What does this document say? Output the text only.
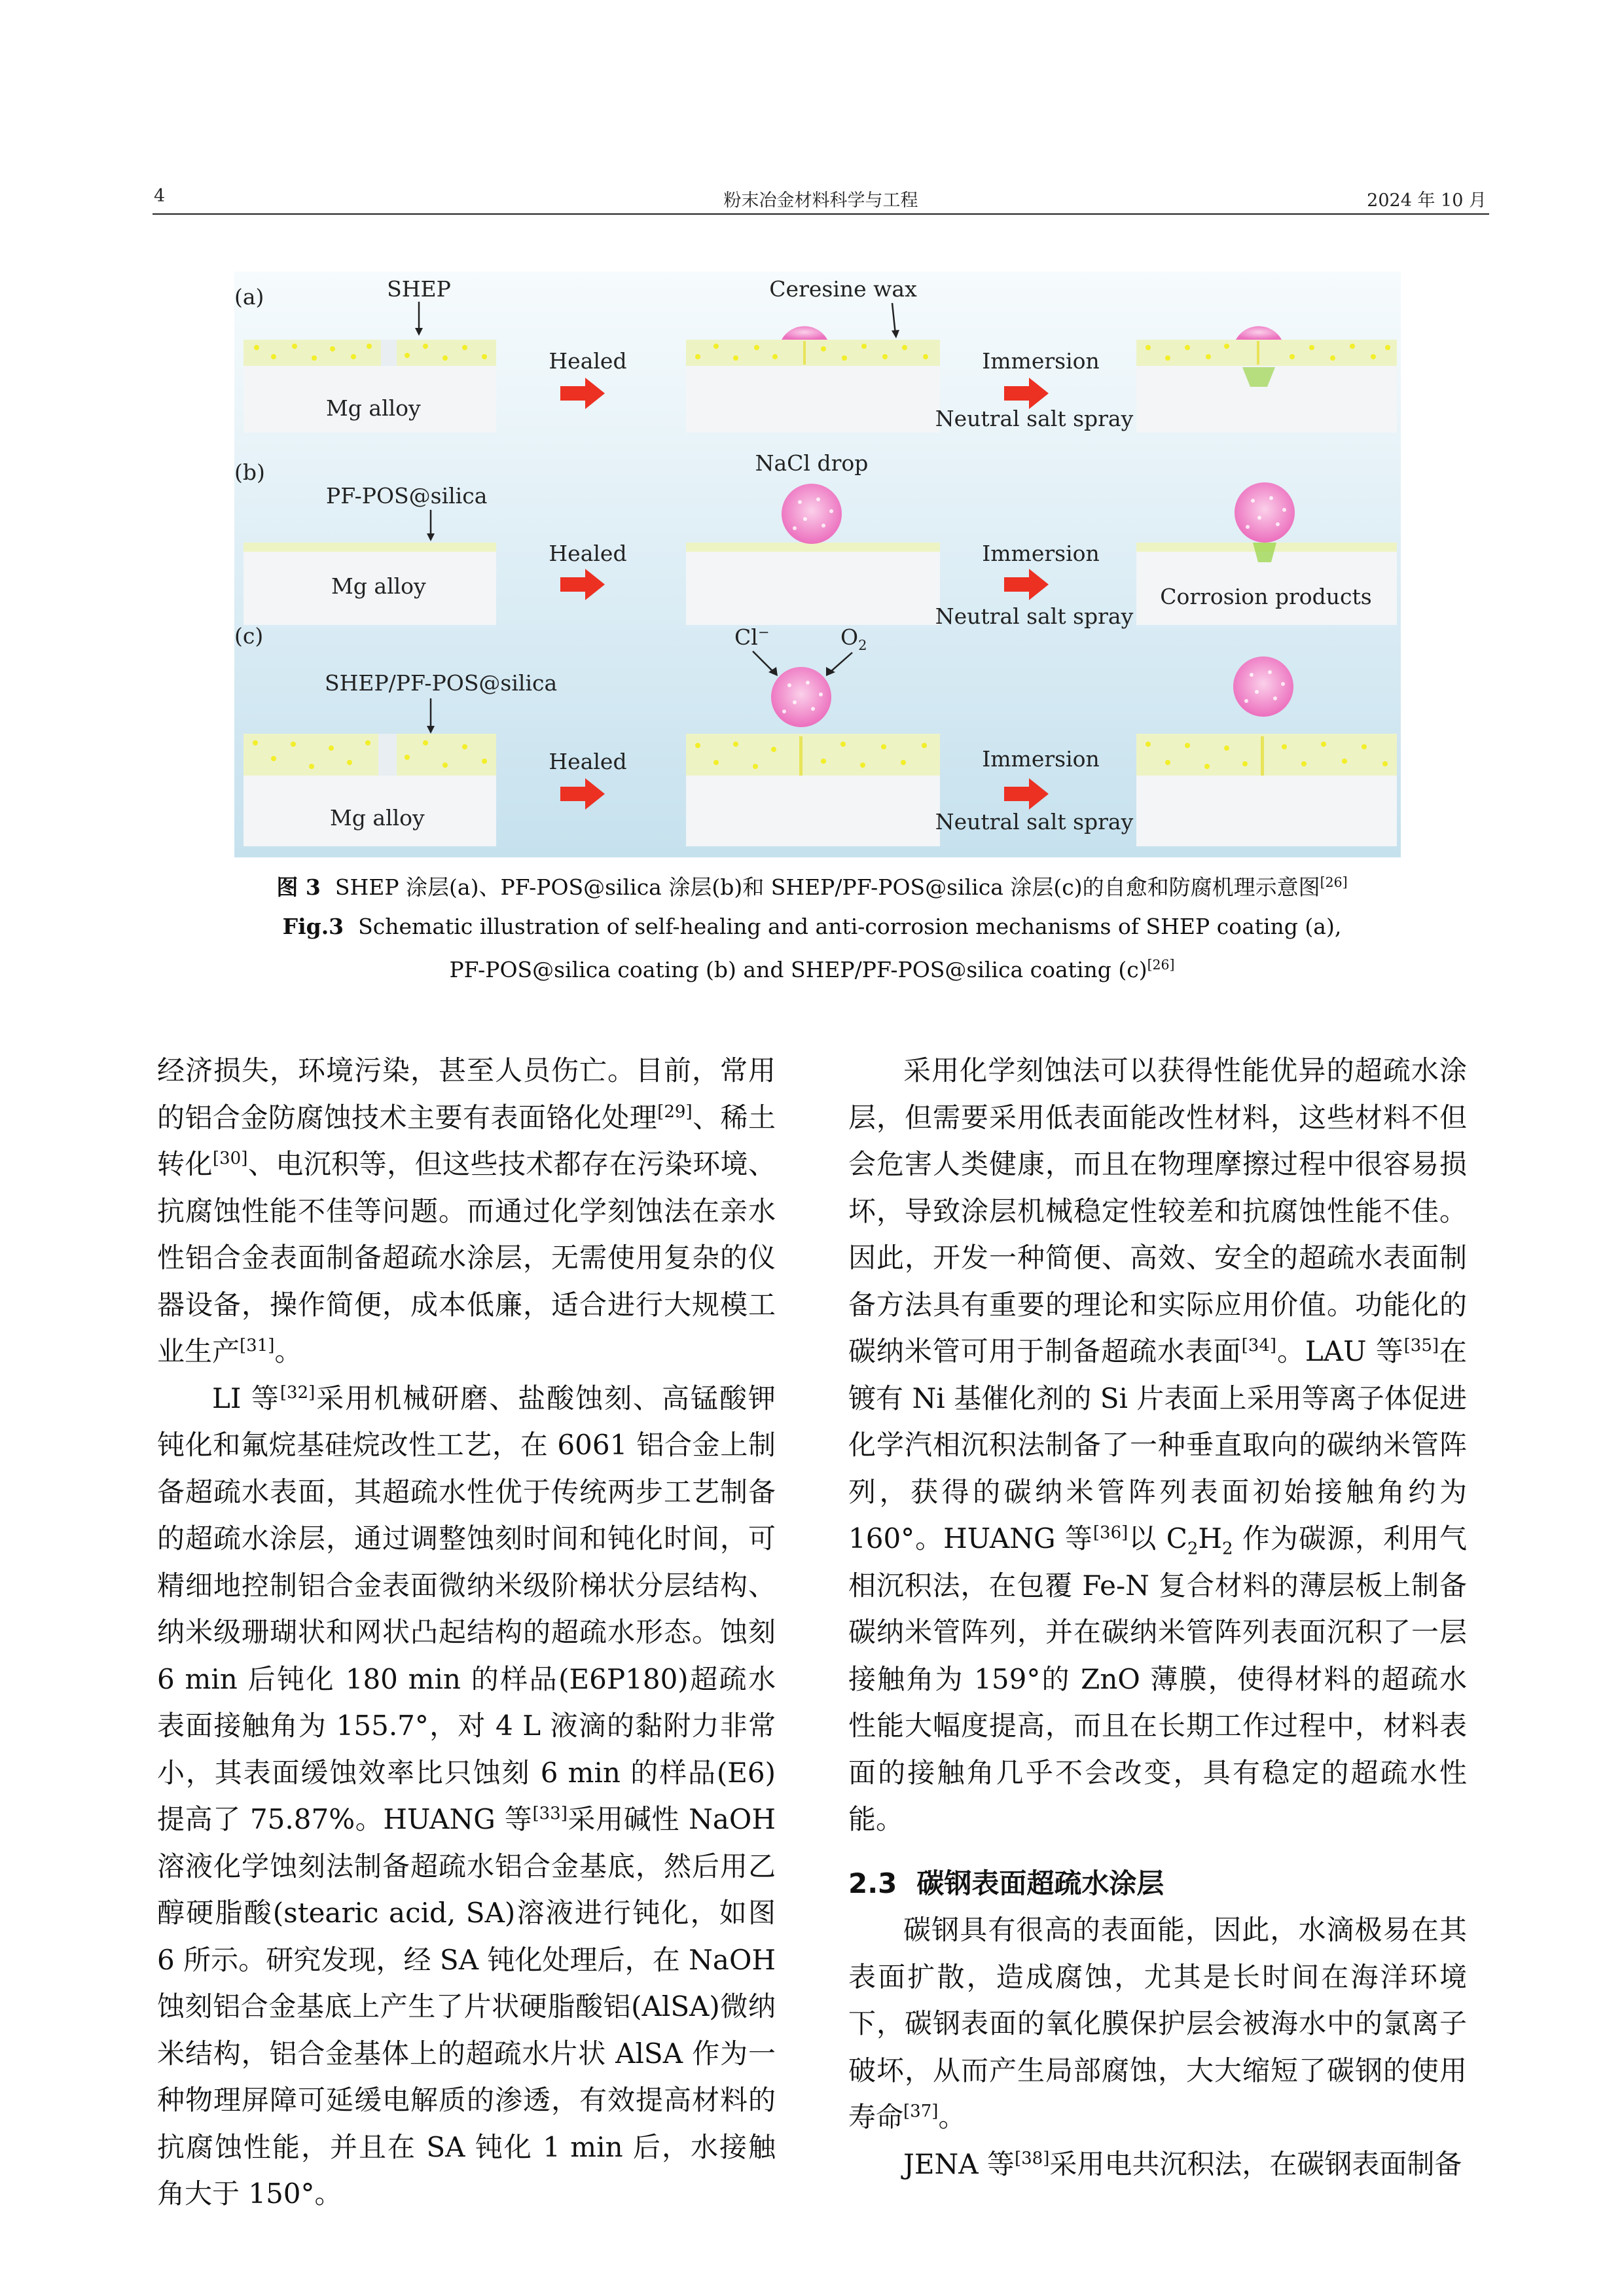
4	粉末冶金材料科学与工程	2024 年 10 月
(a)	SHEP
Mg alloy
Healed
Ceresine wax
Immersion
Neutral salt spray
(b)
PF-POS@silica
Mg alloy
Healed
NaCl drop
Immersion
Neutral salt spray
Corrosion products
(c)
SHEP/PF-POS@silica
Mg alloy
Healed
Cl−	$O_2$
Immersion
Neutral salt spray
图 3 SHEP 涂层(a)、PF-POS@silica 涂层(b)和 SHEP/PF-POS@silica 涂层(c)的自愈和防腐机理示意图[26]
Fig.3 Schematic illustration of self-healing and anti-corrosion mechanisms of SHEP coating (a),
PF-POS@silica coating (b) and SHEP/PF-POS@silica coating (c)[26]

经济损失，环境污染，甚至人员伤亡。目前，常用的铝合金防腐蚀技术主要有表面铬化处理[29]、稀土转化[30]、电沉积等，但这些技术都存在污染环境、抗腐蚀性能不佳等问题。而通过化学刻蚀法在亲水性铝合金表面制备超疏水涂层，无需使用复杂的仪器设备，操作简便，成本低廉，适合进行大规模工业生产[31]。

LI 等[32]采用机械研磨、盐酸蚀刻、高锰酸钾钝化和氟烷基硅烷改性工艺，在 6061 铝合金上制备超疏水表面，其超疏水性优于传统两步工艺制备的超疏水涂层，通过调整蚀刻时间和钝化时间，可精细地控制铝合金表面微纳米级阶梯状分层结构、纳米级珊瑚状和网状凸起结构的超疏水形态。蚀刻 6 min 后钝化 180 min 的样品(E6P180)超疏水表面接触角为 155.7°，对 4 L 液滴的黏附力非常小，其表面缓蚀效率比只蚀刻 6 min 的样品(E6)提高了 75.87%。HUANG 等[33]采用碱性 NaOH 溶液化学蚀刻法制备超疏水铝合金基底，然后用乙醇硬脂酸(stearic acid, SA)溶液进行钝化，如图 6 所示。研究发现，经 SA 钝化处理后，在 NaOH 蚀刻铝合金基底上产生了片状硬脂酸铝(AlSA)微纳米结构，铝合金基体上的超疏水片状 AlSA 作为一种物理屏障可延缓电解质的渗透，有效提高材料的抗腐蚀性能，并且在 SA 钝化 1 min 后，水接触角大于 150°。

采用化学刻蚀法可以获得性能优异的超疏水涂层，但需要采用低表面能改性材料，这些材料不但会危害人类健康，而且在物理摩擦过程中很容易损坏，导致涂层机械稳定性较差和抗腐蚀性能不佳。因此，开发一种简便、高效、安全的超疏水表面制备方法具有重要的理论和实际应用价值。功能化的碳纳米管可用于制备超疏水表面[34]。LAU 等[35]在镀有 Ni 基催化剂的 Si 片表面上采用等离子体促进化学汽相沉积法制备了一种垂直取向的碳纳米管阵列，获得的碳纳米管阵列表面初始接触角约为 160°。HUANG 等[36]以 $C_2H_2$ 作为碳源，利用气相沉积法，在包覆 Fe-N 复合材料的薄层板上制备碳纳米管阵列，并在碳纳米管阵列表面沉积了一层接触角为 159°的 ZnO 薄膜，使得材料的超疏水性能大幅度提高，而且在长期工作过程中，材料表面的接触角几乎不会改变，具有稳定的超疏水性能。

2.3 碳钢表面超疏水涂层

碳钢具有很高的表面能，因此，水滴极易在其表面扩散，造成腐蚀，尤其是长时间在海洋环境下，碳钢表面的氧化膜保护层会被海水中的氯离子破坏，从而产生局部腐蚀，大大缩短了碳钢的使用寿命[37]。

JENA 等[38]采用电共沉积法，在碳钢表面制备
